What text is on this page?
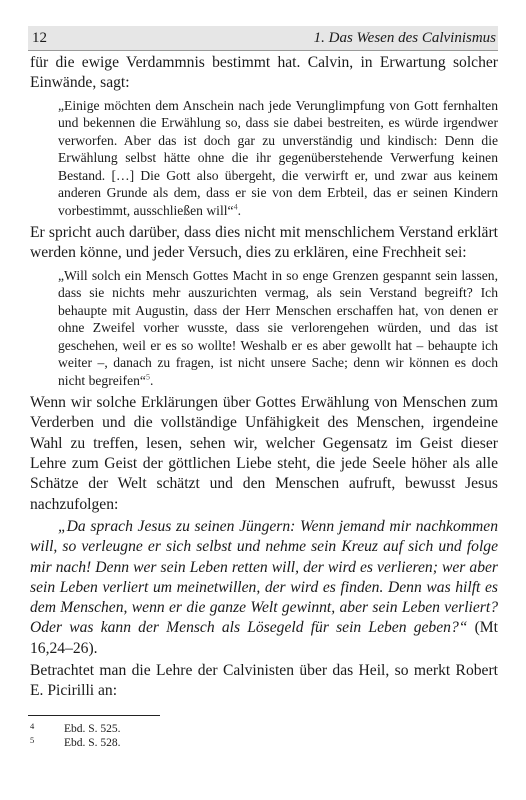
12	1. Das Wesen des Calvinismus

für die ewige Verdammnis bestimmt hat. Calvin, in Erwartung solcher Einwände, sagt:

„Einige möchten dem Anschein nach jede Verunglimpfung von Gott fernhalten und bekennen die Erwählung so, dass sie dabei bestreiten, es würde irgendwer verworfen. Aber das ist doch gar zu unverständig und kindisch: Denn die Erwählung selbst hätte ohne die ihr gegenüberstehende Verwerfung keinen Bestand. […] Die Gott also übergeht, die verwirft er, und zwar aus keinem anderen Grunde als dem, dass er sie von dem Erbteil, das er seinen Kindern vorbestimmt, ausschließen will“$^4$.

Er spricht auch darüber, dass dies nicht mit menschlichem Verstand erklärt werden könne, und jeder Versuch, dies zu erklären, eine Frechheit sei:

„Will solch ein Mensch Gottes Macht in so enge Grenzen gespannt sein lassen, dass sie nichts mehr auszurichten vermag, als sein Verstand begreift? Ich behaupte mit Augustin, dass der Herr Menschen erschaffen hat, von denen er ohne Zweifel vorher wusste, dass sie verlorengehen würden, und das ist geschehen, weil er es so wollte! Weshalb er es aber gewollt hat – behaupte ich weiter –, danach zu fragen, ist nicht unsere Sache; denn wir können es doch nicht begreifen“$^5$.

Wenn wir solche Erklärungen über Gottes Erwählung von Menschen zum Verderben und die vollständige Unfähigkeit des Menschen, irgendeine Wahl zu treffen, lesen, sehen wir, welcher Gegensatz im Geist dieser Lehre zum Geist der göttlichen Liebe steht, die jede Seele höher als alle Schätze der Welt schätzt und den Menschen aufruft, bewusst Jesus nachzufolgen:

„Da sprach Jesus zu seinen Jüngern: Wenn jemand mir nachkommen will, so verleugne er sich selbst und nehme sein Kreuz auf sich und folge mir nach! Denn wer sein Leben retten will, der wird es verlieren; wer aber sein Leben verliert um meinetwillen, der wird es finden. Denn was hilft es dem Menschen, wenn er die ganze Welt gewinnt, aber sein Leben verliert? Oder was kann der Mensch als Lösegeld für sein Leben geben?“ (Mt 16,24–26).

Betrachtet man die Lehre der Calvinisten über das Heil, so merkt Robert E. Picirilli an:

4	Ebd. S. 525.
5	Ebd. S. 528.
